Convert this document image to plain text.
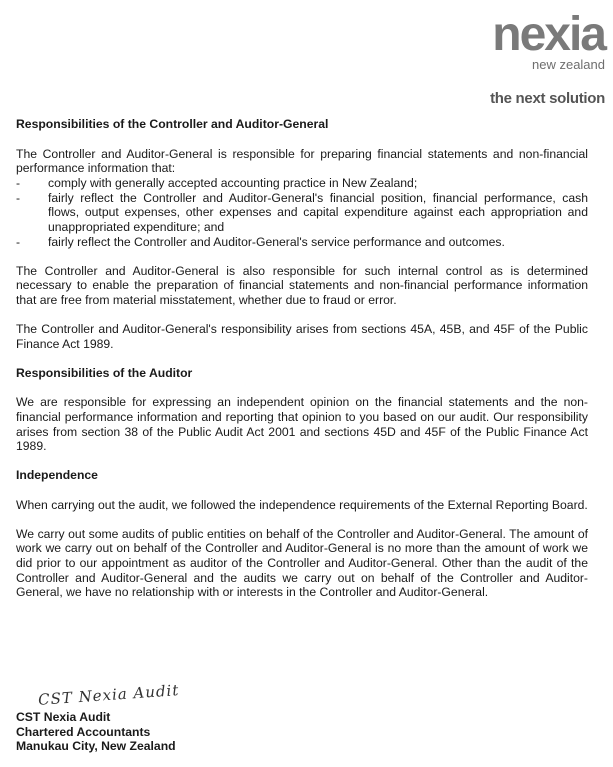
nexia
new zealand
the next solution
Responsibilities of the Controller and Auditor-General

The Controller and Auditor-General is responsible for preparing financial statements and non-financial performance information that:

- comply with generally accepted accounting practice in New Zealand;
- fairly reflect the Controller and Auditor-General's financial position, financial performance, cash flows, output expenses, other expenses and capital expenditure against each appropriation and unappropriated expenditure; and
- fairly reflect the Controller and Auditor-General's service performance and outcomes.

The Controller and Auditor-General is also responsible for such internal control as is determined necessary to enable the preparation of financial statements and non-financial performance information that are free from material misstatement, whether due to fraud or error.

The Controller and Auditor-General's responsibility arises from sections 45A, 45B, and 45F of the Public Finance Act 1989.

Responsibilities of the Auditor

We are responsible for expressing an independent opinion on the financial statements and the non-financial performance information and reporting that opinion to you based on our audit. Our responsibility arises from section 38 of the Public Audit Act 2001 and sections 45D and 45F of the Public Finance Act 1989.

Independence

When carrying out the audit, we followed the independence requirements of the External Reporting Board.

We carry out some audits of public entities on behalf of the Controller and Auditor-General. The amount of work we carry out on behalf of the Controller and Auditor-General is no more than the amount of work we did prior to our appointment as auditor of the Controller and Auditor-General. Other than the audit of the Controller and Auditor-General and the audits we carry out on behalf of the Controller and Auditor-General, we have no relationship with or interests in the Controller and Auditor-General.

CST Nexia Audit
CST Nexia Audit
Chartered Accountants
Manukau City, New Zealand
